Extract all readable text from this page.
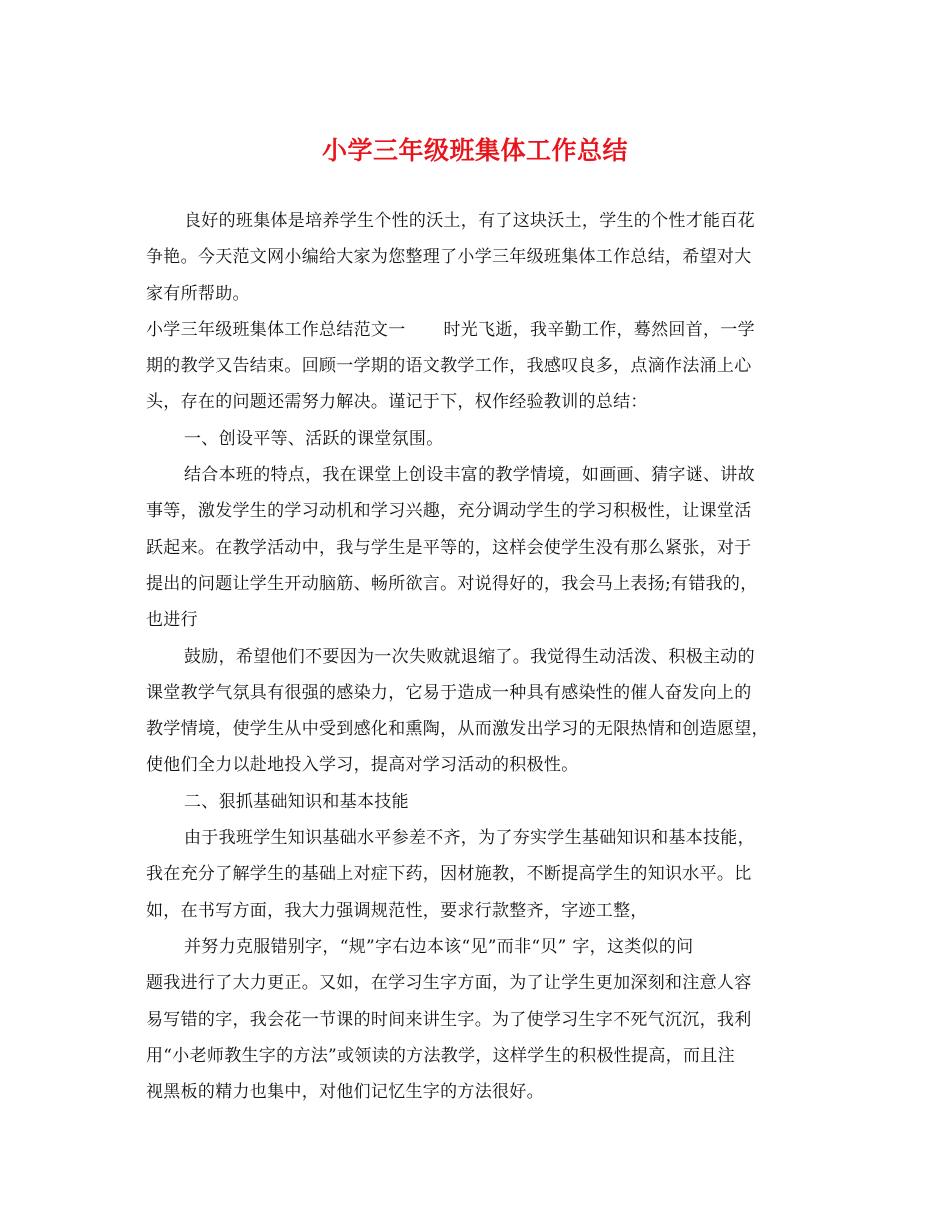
小学三年级班集体工作总结
良好的班集体是培养学生个性的沃土，有了这块沃土，学生的个性才能百花
争艳。今天范文网小编给大家为您整理了小学三年级班集体工作总结，希望对大
家有所帮助。
小学三年级班集体工作总结范文一 时光飞逝，我辛勤工作，蓦然回首，一学
期的教学又告结束。回顾一学期的语文教学工作，我感叹良多，点滴作法涌上心
头，存在的问题还需努力解决。谨记于下，权作经验教训的总结：
一、创设平等、活跃的课堂氛围。
结合本班的特点，我在课堂上创设丰富的教学情境，如画画、猜字谜、讲故
事等，激发学生的学习动机和学习兴趣，充分调动学生的学习积极性，让课堂活
跃起来。在教学活动中，我与学生是平等的，这样会使学生没有那么紧张，对于
提出的问题让学生开动脑筋、畅所欲言。对说得好的，我会马上表扬;有错我的，
也进行
鼓励，希望他们不要因为一次失败就退缩了。我觉得生动活泼、积极主动的
课堂教学气氛具有很强的感染力，它易于造成一种具有感染性的催人奋发向上的
教学情境，使学生从中受到感化和熏陶，从而激发出学习的无限热情和创造愿望，
使他们全力以赴地投入学习，提高对学习活动的积极性。
二、狠抓基础知识和基本技能
由于我班学生知识基础水平参差不齐，为了夯实学生基础知识和基本技能，
我在充分了解学生的基础上对症下药，因材施教，不断提高学生的知识水平。比
如，在书写方面，我大力强调规范性，要求行款整齐，字迹工整，
并努力克服错别字，“规”字右边本该“见”而非“贝” 字，这类似的问
题我进行了大力更正。又如，在学习生字方面，为了让学生更加深刻和注意人容
易写错的字，我会花一节课的时间来讲生字。为了使学习生字不死气沉沉，我利
用“小老师教生字的方法”或领读的方法教学，这样学生的积极性提高，而且注
视黑板的精力也集中，对他们记忆生字的方法很好。
